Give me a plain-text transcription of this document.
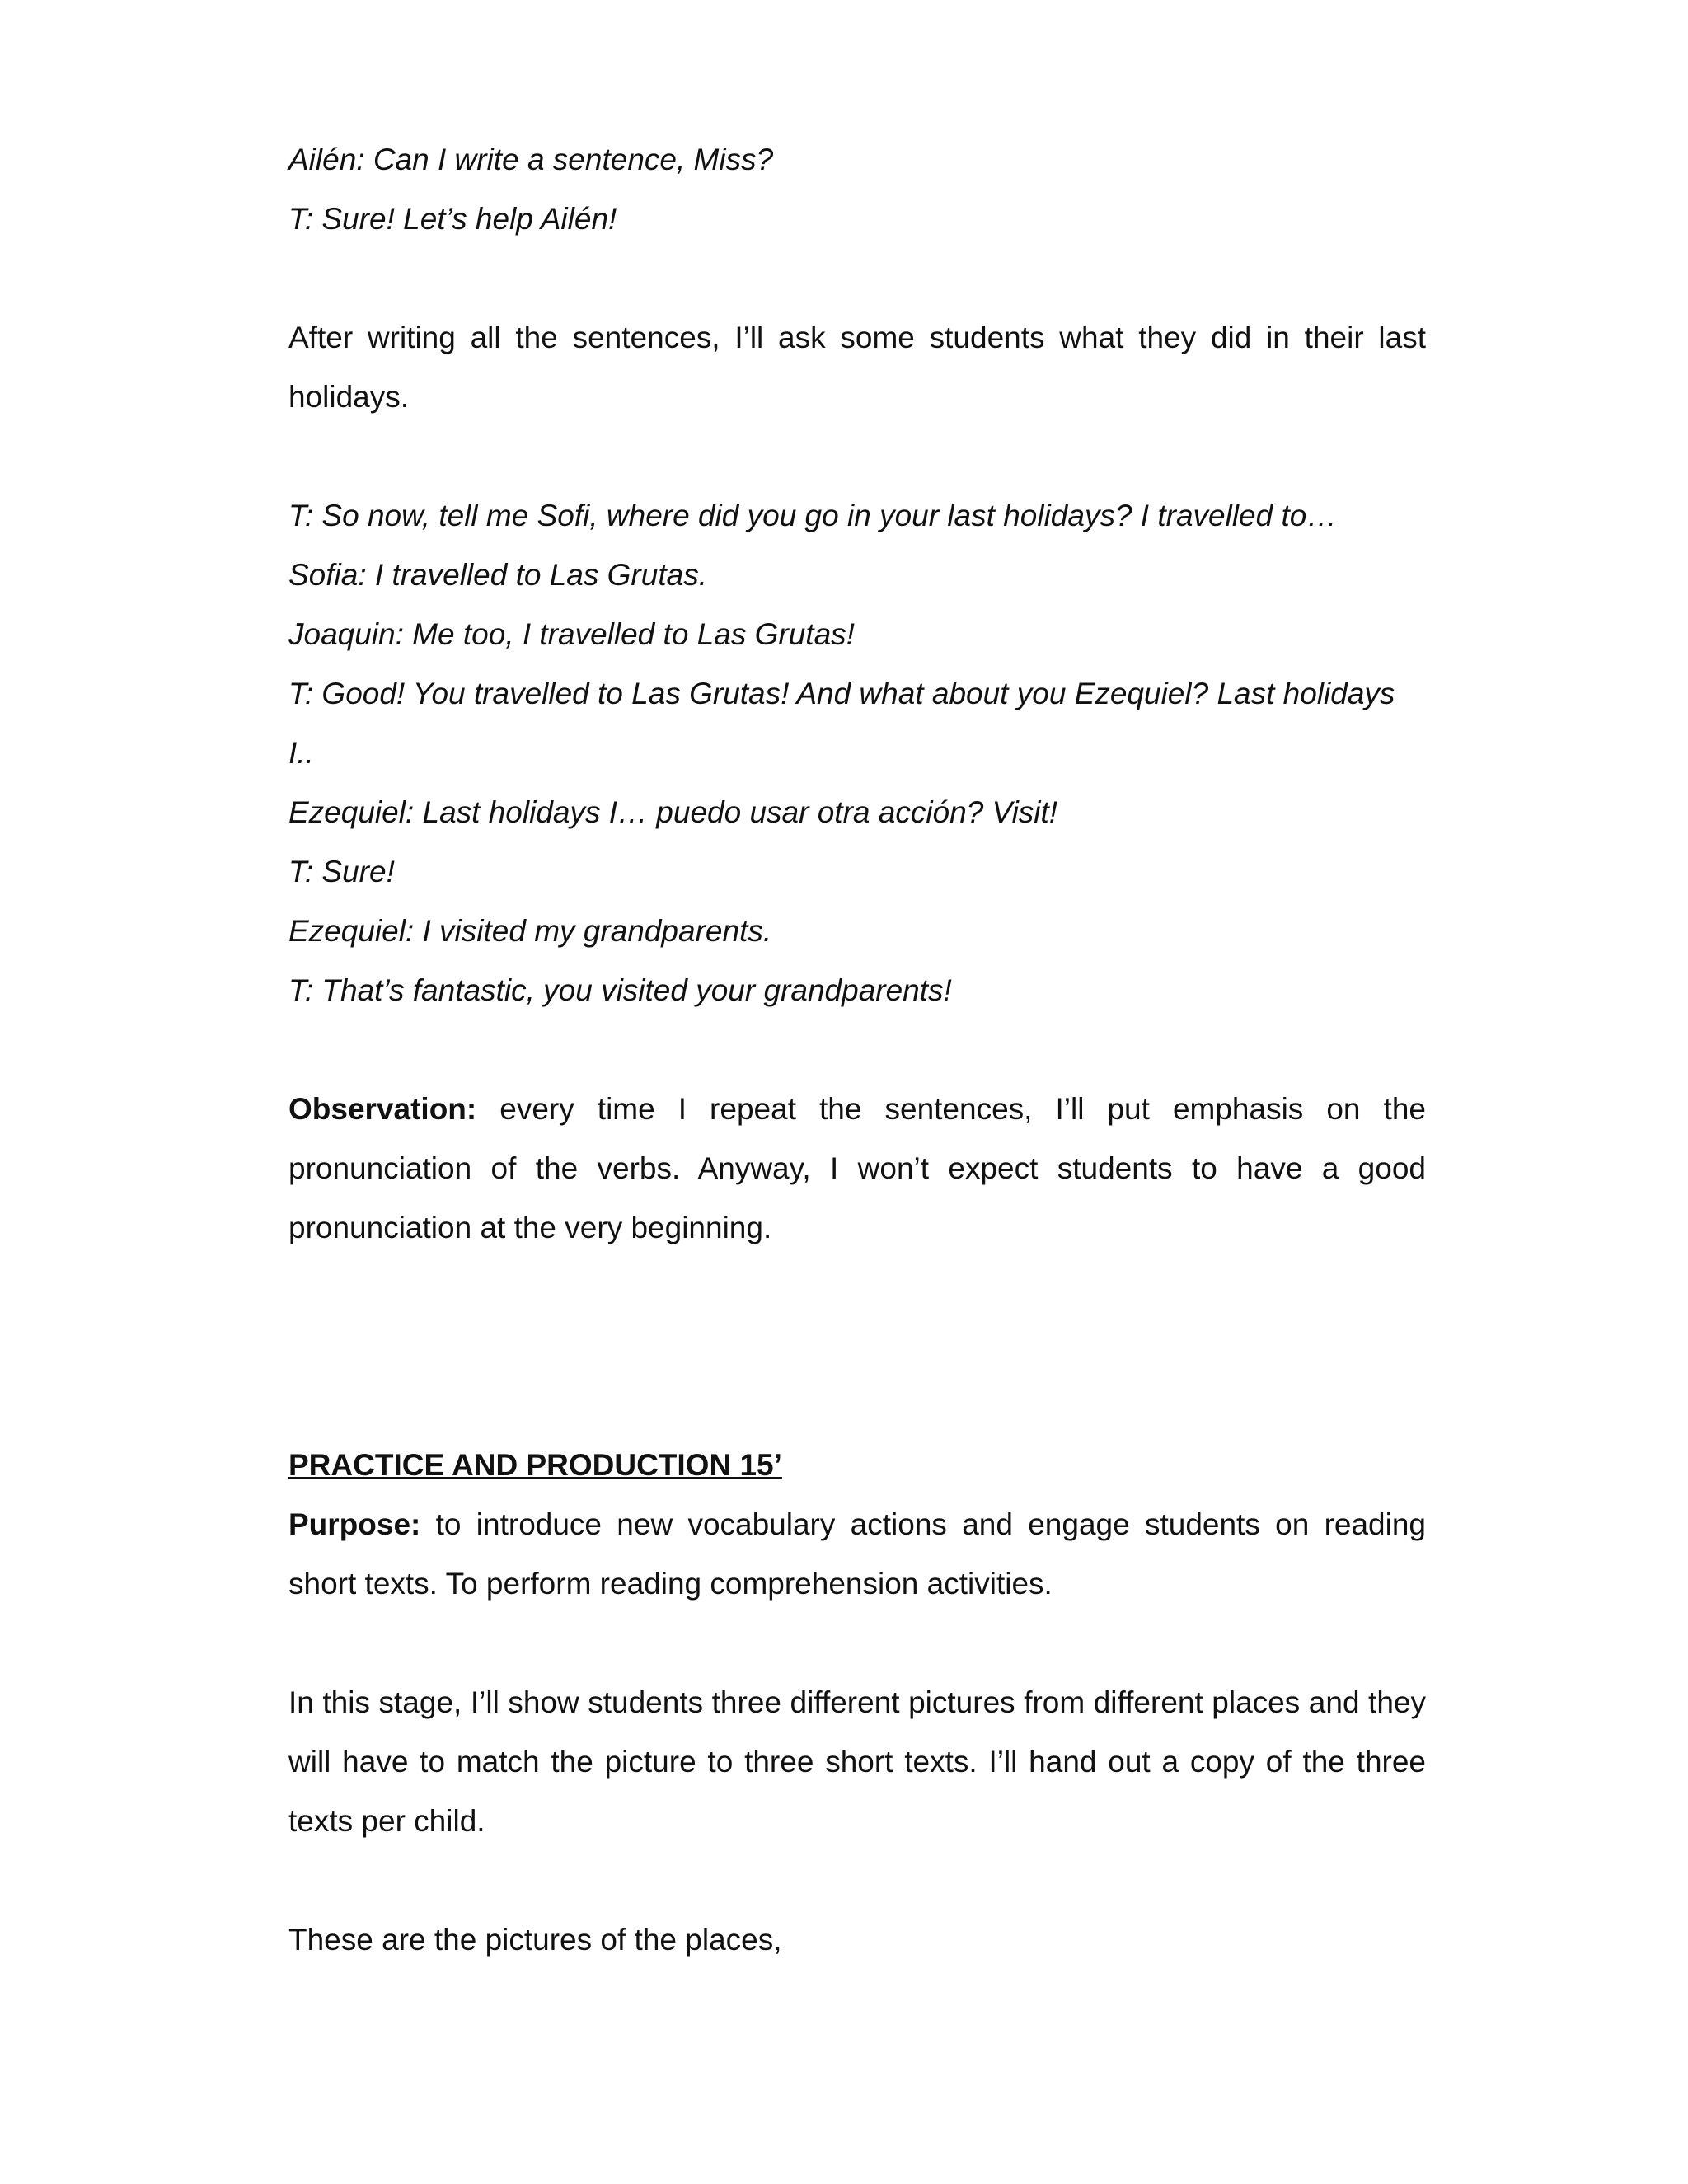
Ailén: Can I write a sentence, Miss?

T: Sure! Let’s help Ailén!

After writing all the sentences, I’ll ask some students what they did in their last holidays.

T: So now, tell me Sofi, where did you go in your last holidays? I travelled to…

Sofia: I travelled to Las Grutas.

Joaquin: Me too, I travelled to Las Grutas!

T: Good! You travelled to Las Grutas! And what about you Ezequiel? Last holidays I..

Ezequiel: Last holidays I… puedo usar otra acción? Visit!

T: Sure!

Ezequiel: I visited my grandparents.

T: That’s fantastic, you visited your grandparents!

Observation: every time I repeat the sentences, I’ll put emphasis on the pronunciation of the verbs. Anyway, I won’t expect students to have a good pronunciation at the very beginning.

PRACTICE AND PRODUCTION 15’

Purpose: to introduce new vocabulary actions and engage students on reading short texts. To perform reading comprehension activities.

In this stage, I’ll show students three different pictures from different places and they will have to match the picture to three short texts. I’ll hand out a copy of the three texts per child.

These are the pictures of the places,
